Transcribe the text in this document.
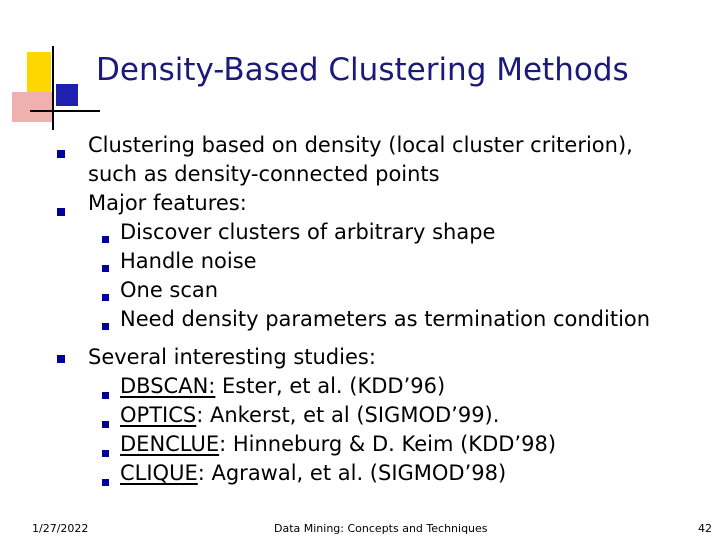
Density-Based Clustering Methods
Clustering based on density (local cluster criterion),
such as density-connected points
Major features:
Discover clusters of arbitrary shape
Handle noise
One scan
Need density parameters as termination condition
Several interesting studies:
DBSCAN: Ester, et al. (KDD’96)
OPTICS: Ankerst, et al (SIGMOD’99).
DENCLUE: Hinneburg & D. Keim (KDD’98)
CLIQUE: Agrawal, et al. (SIGMOD’98)
1/27/2022	Data Mining: Concepts and Techniques	42
